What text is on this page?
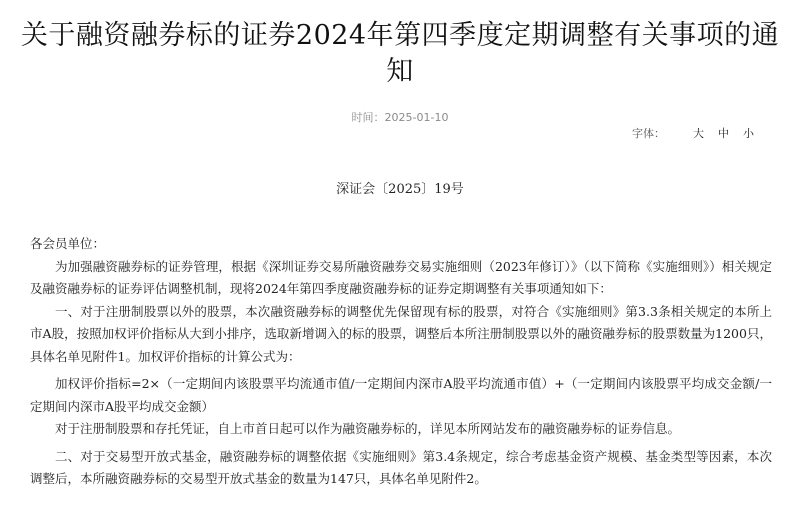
关于融资融券标的证券2024年第四季度定期调整有关事项的通知
时间：2025-01-10
字体：	大 中 小
深证会〔2025〕19号

各会员单位：

为加强融资融券标的证券管理，根据《深圳证券交易所融资融券交易实施细则（2023年修订）》（以下简称《实施细则》）相关规定及融资融券标的证券评估调整机制，现将2024年第四季度融资融券标的证券定期调整有关事项通知如下：

一、对于注册制股票以外的股票，本次融资融券标的调整优先保留现有标的股票，对符合《实施细则》第3.3条相关规定的本所上市A股，按照加权评价指标从大到小排序，选取新增调入的标的股票，调整后本所注册制股票以外的融资融券标的股票数量为1200只，具体名单见附件1。加权评价指标的计算公式为：

加权评价指标=2×（一定期间内该股票平均流通市值/一定期间内深市A股平均流通市值）+（一定期间内该股票平均成交金额/一定期间内深市A股平均成交金额）

对于注册制股票和存托凭证，自上市首日起可以作为融资融券标的，详见本所网站发布的融资融券标的证券信息。

二、对于交易型开放式基金，融资融券标的调整依据《实施细则》第3.4条规定，综合考虑基金资产规模、基金类型等因素，本次调整后，本所融资融券标的交易型开放式基金的数量为147只，具体名单见附件2。
